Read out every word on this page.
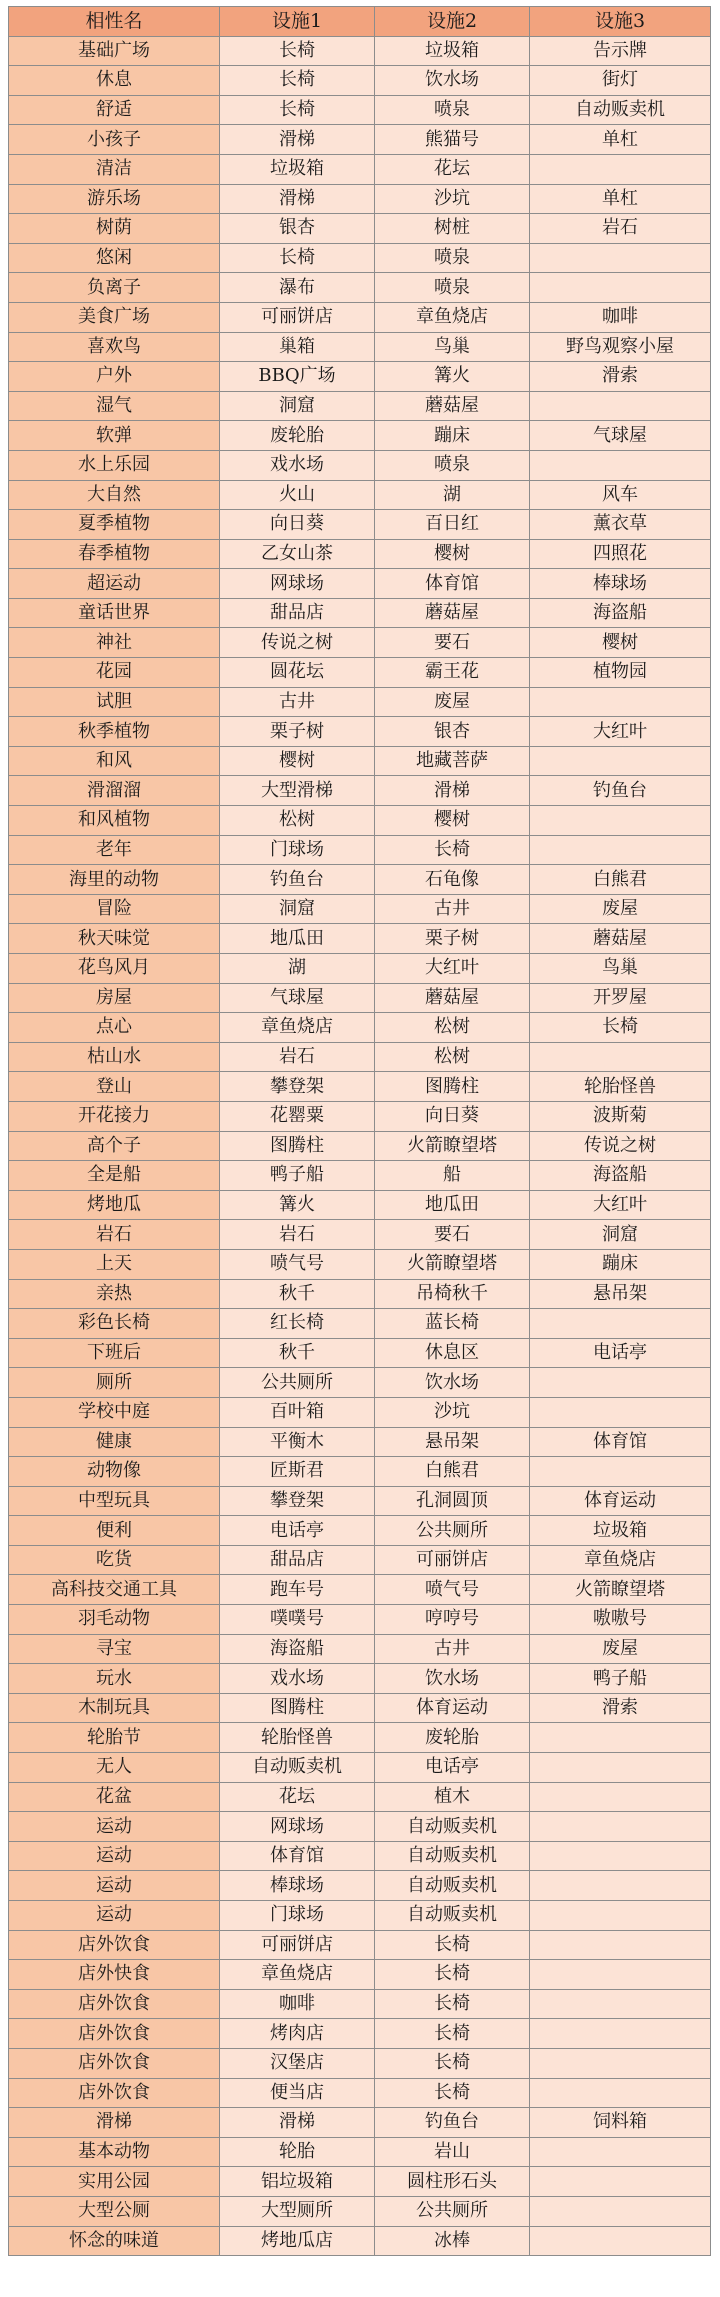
相性名	设施1	设施2	设施3
基础广场	长椅	垃圾箱	告示牌
休息	长椅	饮水场	街灯
舒适	长椅	喷泉	自动贩卖机
小孩子	滑梯	熊猫号	单杠
清洁	垃圾箱	花坛	
游乐场	滑梯	沙坑	单杠
树荫	银杏	树桩	岩石
悠闲	长椅	喷泉	
负离子	瀑布	喷泉	
美食广场	可丽饼店	章鱼烧店	咖啡
喜欢鸟	巢箱	鸟巢	野鸟观察小屋
户外	BBQ广场	篝火	滑索
湿气	洞窟	蘑菇屋	
软弹	废轮胎	蹦床	气球屋
水上乐园	戏水场	喷泉	
大自然	火山	湖	风车
夏季植物	向日葵	百日红	薰衣草
春季植物	乙女山茶	樱树	四照花
超运动	网球场	体育馆	棒球场
童话世界	甜品店	蘑菇屋	海盗船
神社	传说之树	要石	樱树
花园	圆花坛	霸王花	植物园
试胆	古井	废屋	
秋季植物	栗子树	银杏	大红叶
和风	樱树	地藏菩萨	
滑溜溜	大型滑梯	滑梯	钓鱼台
和风植物	松树	樱树	
老年	门球场	长椅	
海里的动物	钓鱼台	石龟像	白熊君
冒险	洞窟	古井	废屋
秋天味觉	地瓜田	栗子树	蘑菇屋
花鸟风月	湖	大红叶	鸟巢
房屋	气球屋	蘑菇屋	开罗屋
点心	章鱼烧店	松树	长椅
枯山水	岩石	松树	
登山	攀登架	图腾柱	轮胎怪兽
开花接力	花罂粟	向日葵	波斯菊
高个子	图腾柱	火箭瞭望塔	传说之树
全是船	鸭子船	船	海盗船
烤地瓜	篝火	地瓜田	大红叶
岩石	岩石	要石	洞窟
上天	喷气号	火箭瞭望塔	蹦床
亲热	秋千	吊椅秋千	悬吊架
彩色长椅	红长椅	蓝长椅	
下班后	秋千	休息区	电话亭
厕所	公共厕所	饮水场	
学校中庭	百叶箱	沙坑	
健康	平衡木	悬吊架	体育馆
动物像	匠斯君	白熊君	
中型玩具	攀登架	孔洞圆顶	体育运动
便利	电话亭	公共厕所	垃圾箱
吃货	甜品店	可丽饼店	章鱼烧店
高科技交通工具	跑车号	喷气号	火箭瞭望塔
羽毛动物	噗噗号	哼哼号	嗷嗷号
寻宝	海盗船	古井	废屋
玩水	戏水场	饮水场	鸭子船
木制玩具	图腾柱	体育运动	滑索
轮胎节	轮胎怪兽	废轮胎	
无人	自动贩卖机	电话亭	
花盆	花坛	植木	
运动	网球场	自动贩卖机	
运动	体育馆	自动贩卖机	
运动	棒球场	自动贩卖机	
运动	门球场	自动贩卖机	
店外饮食	可丽饼店	长椅	
店外快食	章鱼烧店	长椅	
店外饮食	咖啡	长椅	
店外饮食	烤肉店	长椅	
店外饮食	汉堡店	长椅	
店外饮食	便当店	长椅	
滑梯	滑梯	钓鱼台	饲料箱
基本动物	轮胎	岩山	
实用公园	铝垃圾箱	圆柱形石头	
大型公厕	大型厕所	公共厕所	
怀念的味道	烤地瓜店	冰棒	
